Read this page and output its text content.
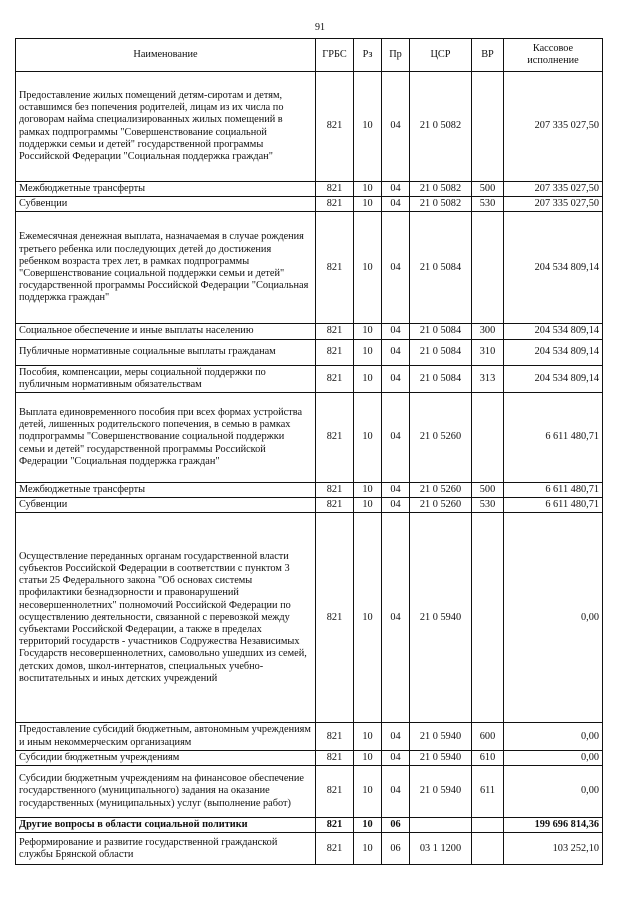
91
Наименование	ГРБС	Рз	Пр	ЦСР	ВР	Кассовое исполнение
Предоставление жилых помещений детям-сиротам и детям, оставшимся без попечения родителей, лицам из их числа по договорам найма специализированных жилых помещений в рамках подпрограммы "Совершенствование социальной поддержки семьи и детей" государственной программы Российской Федерации "Социальная поддержка граждан"	821	10	04	21 0 5082		207 335 027,50
Межбюджетные трансферты	821	10	04	21 0 5082	500	207 335 027,50
Субвенции	821	10	04	21 0 5082	530	207 335 027,50
Ежемесячная денежная выплата, назначаемая в случае рождения третьего ребенка или последующих детей до достижения ребенком возраста трех лет, в рамках подпрограммы "Совершенствование социальной поддержки семьи и детей" государственной программы Российской Федерации "Социальная поддержка граждан"	821	10	04	21 0 5084		204 534 809,14
Социальное обеспечение и иные выплаты населению	821	10	04	21 0 5084	300	204 534 809,14
Публичные нормативные социальные выплаты гражданам	821	10	04	21 0 5084	310	204 534 809,14
Пособия, компенсации, меры социальной поддержки по публичным нормативным обязательствам	821	10	04	21 0 5084	313	204 534 809,14
Выплата единовременного пособия при всех формах устройства детей, лишенных родительского попечения, в семью в рамках подпрограммы "Совершенствование социальной поддержки семьи и детей" государственной программы Российской Федерации "Социальная поддержка граждан"	821	10	04	21 0 5260		6 611 480,71
Межбюджетные трансферты	821	10	04	21 0 5260	500	6 611 480,71
Субвенции	821	10	04	21 0 5260	530	6 611 480,71
Осуществление переданных органам государственной власти субъектов Российской Федерации в соответствии с пунктом 3 статьи 25 Федерального закона "Об основах системы профилактики безнадзорности и правонарушений несовершеннолетних" полномочий Российской Федерации по осуществлению деятельности, связанной с перевозкой между субъектами Российской Федерации, а также в пределах территорий государств - участников Содружества Независимых Государств несовершеннолетних, самовольно ушедших из семей, детских домов, школ-интернатов, специальных учебно-воспитательных и иных детских учреждений	821	10	04	21 0 5940		0,00
Предоставление субсидий бюджетным, автономным учреждениям и иным некоммерческим организациям	821	10	04	21 0 5940	600	0,00
Субсидии бюджетным учреждениям	821	10	04	21 0 5940	610	0,00
Субсидии бюджетным учреждениям на финансовое обеспечение государственного (муниципального) задания на оказание государственных (муниципальных) услуг (выполнение работ)	821	10	04	21 0 5940	611	0,00
Другие вопросы в области социальной политики	821	10	06			199 696 814,36
Реформирование и развитие государственной гражданской службы Брянской области	821	10	06	03 1 1200		103 252,10
